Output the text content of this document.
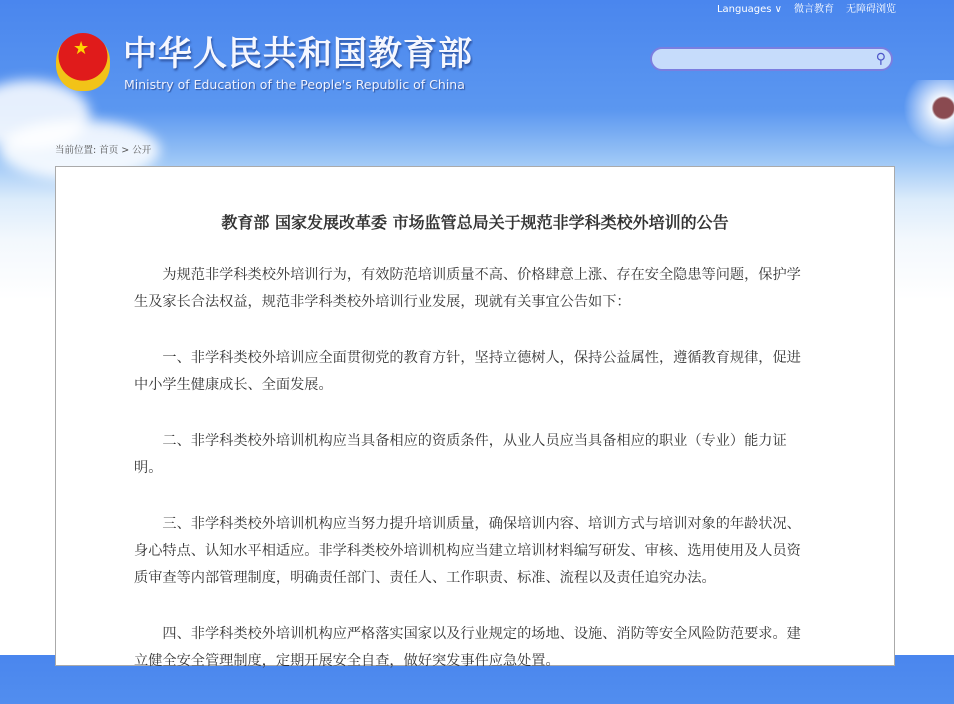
Languages ∨ 微言教育 无障碍浏览
★ 中华人民共和国教育部
Ministry of Education of the People's Republic of China
⚲
当前位置: 首页 > 公开
教育部 国家发展改革委 市场监管总局关于规范非学科类校外培训的公告

为规范非学科类校外培训行为，有效防范培训质量不高、价格肆意上涨、存在安全隐患等问题，保护学生及家长合法权益，规范非学科类校外培训行业发展，现就有关事宜公告如下：

一、非学科类校外培训应全面贯彻党的教育方针，坚持立德树人，保持公益属性，遵循教育规律，促进中小学生健康成长、全面发展。

二、非学科类校外培训机构应当具备相应的资质条件，从业人员应当具备相应的职业（专业）能力证明。

三、非学科类校外培训机构应当努力提升培训质量，确保培训内容、培训方式与培训对象的年龄状况、身心特点、认知水平相适应。非学科类校外培训机构应当建立培训材料编写研发、审核、选用使用及人员资质审查等内部管理制度，明确责任部门、责任人、工作职责、标准、流程以及责任追究办法。

四、非学科类校外培训机构应严格落实国家以及行业规定的场地、设施、消防等安全风险防范要求。建立健全安全管理制度，定期开展安全自查，做好突发事件应急处置。
